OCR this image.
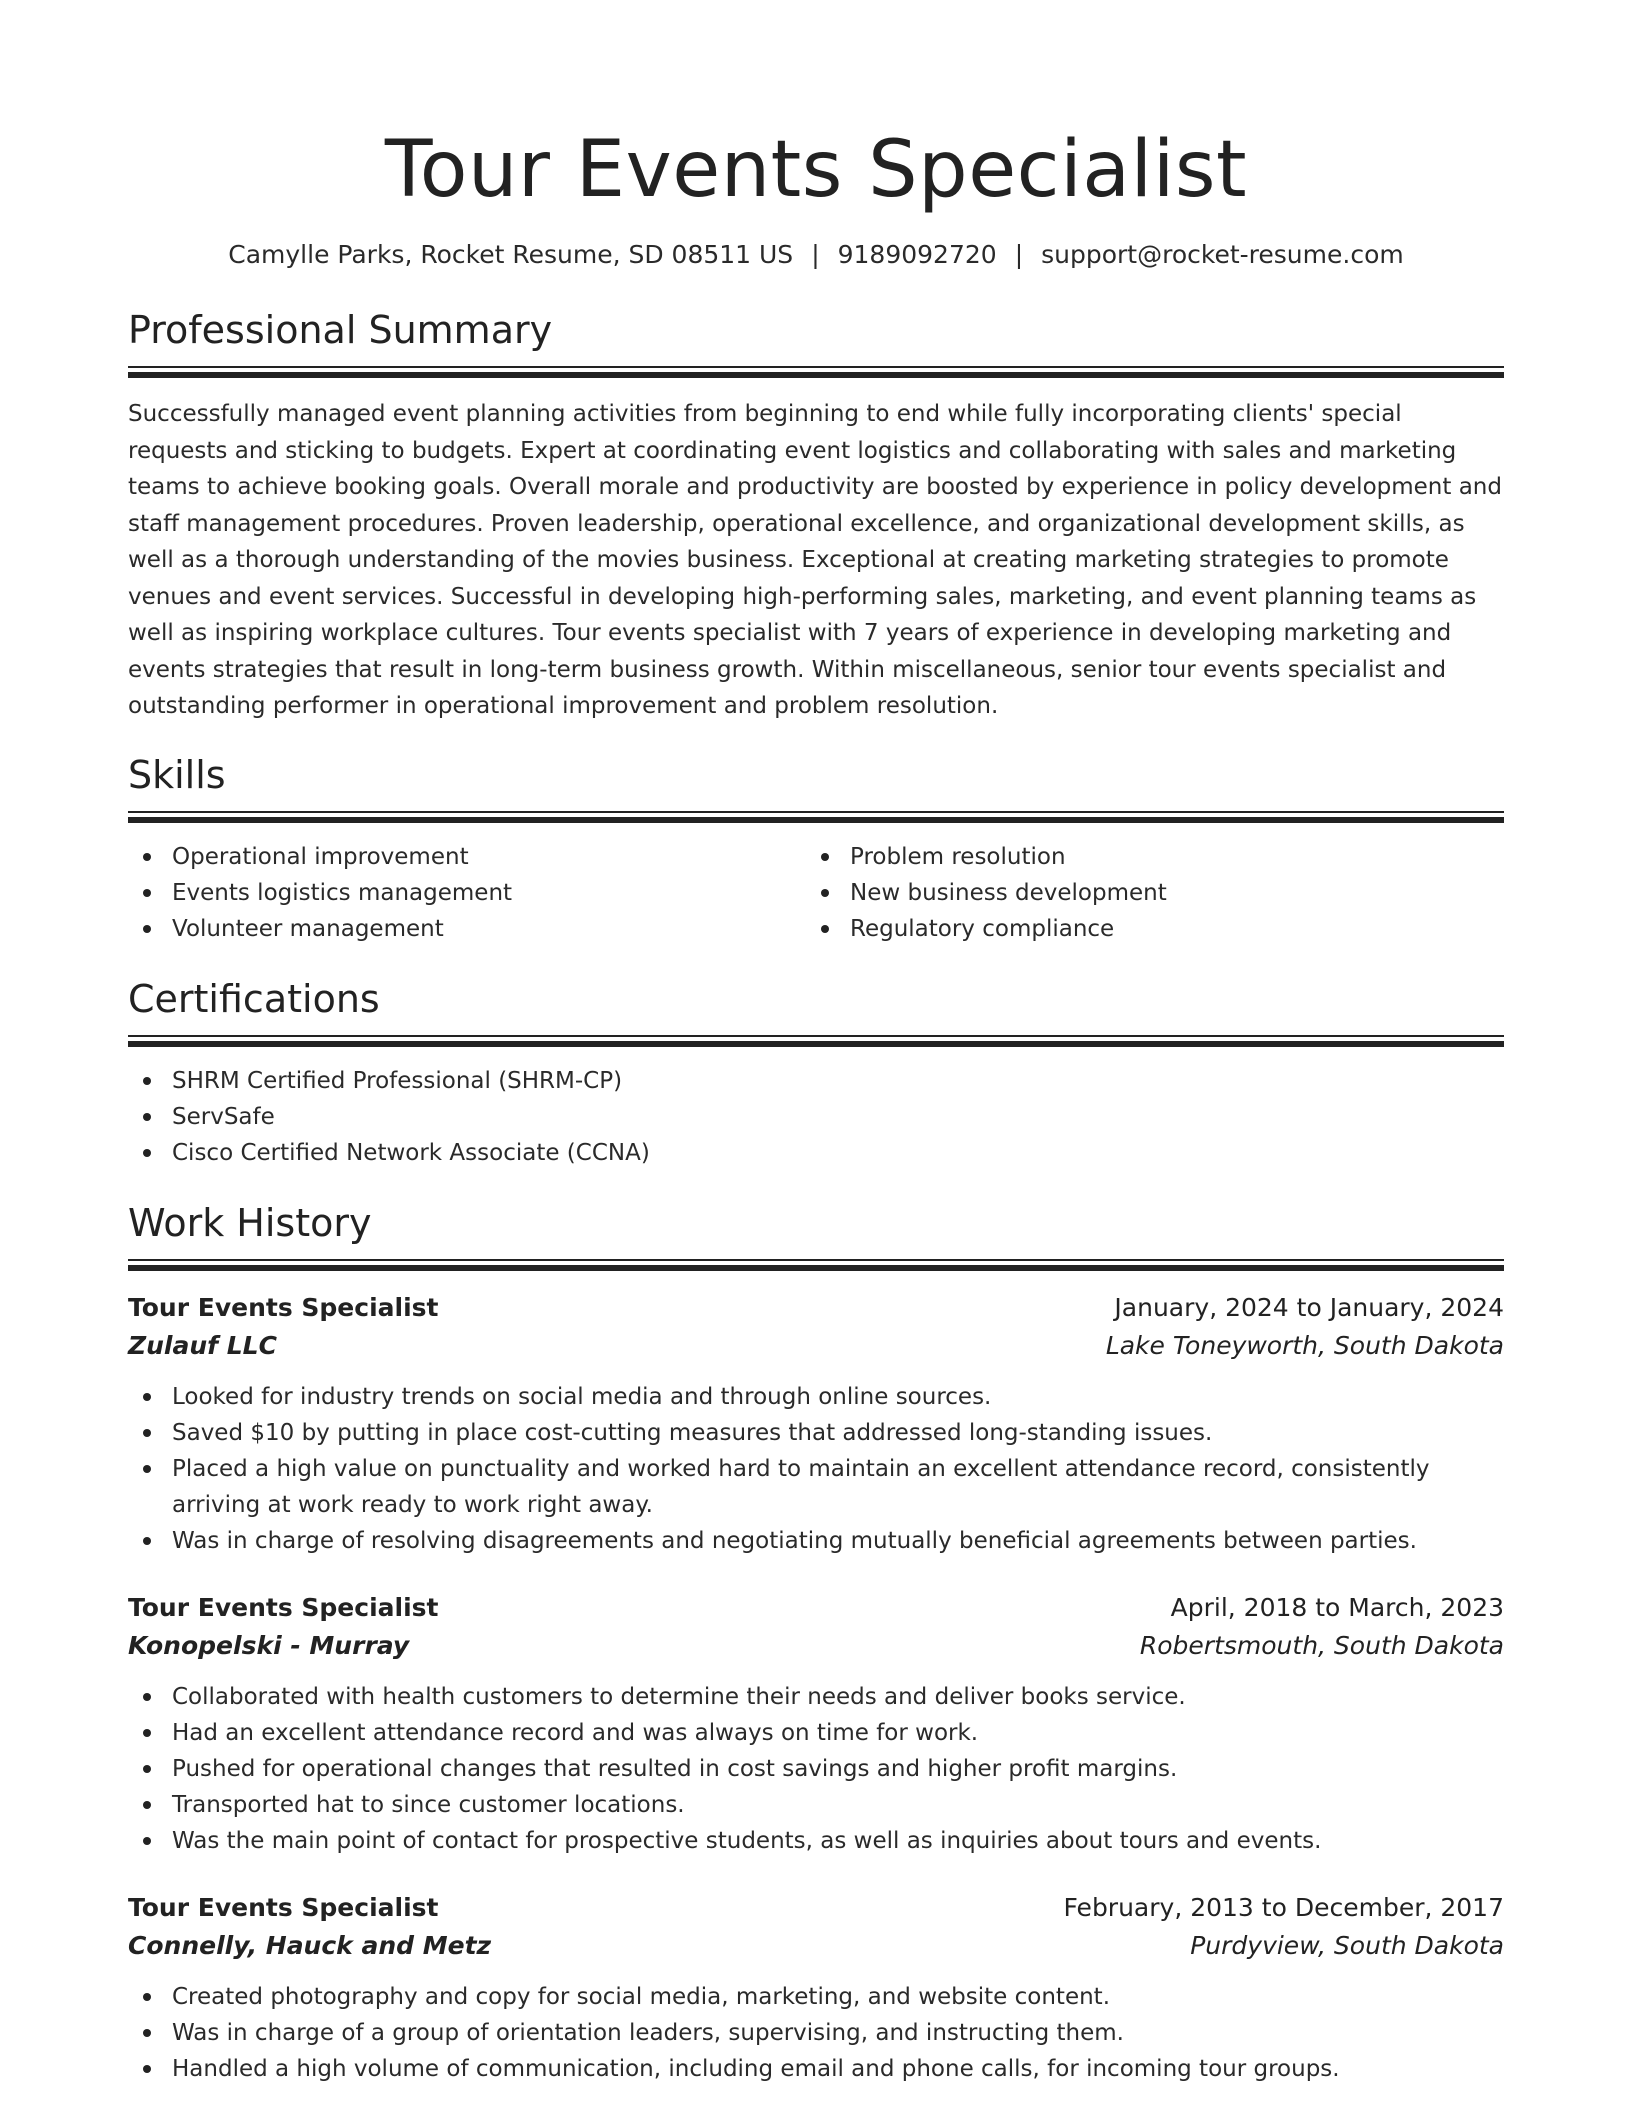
Tour Events Specialist
Camylle Parks, Rocket Resume, SD 08511 US | 9189092720 | support@rocket-resume.com
Professional Summary

Successfully managed event planning activities from beginning to end while fully incorporating clients' special requests and sticking to budgets. Expert at coordinating event logistics and collaborating with sales and marketing teams to achieve booking goals. Overall morale and productivity are boosted by experience in policy development and staff management procedures. Proven leadership, operational excellence, and organizational development skills, as well as a thorough understanding of the movies business. Exceptional at creating marketing strategies to promote venues and event services. Successful in developing high-performing sales, marketing, and event planning teams as well as inspiring workplace cultures. Tour events specialist with 7 years of experience in developing marketing and events strategies that result in long-term business growth. Within miscellaneous, senior tour events specialist and outstanding performer in operational improvement and problem resolution.

Skills
Operational improvement
Events logistics management
Volunteer management
Problem resolution
New business development
Regulatory compliance
Certifications
SHRM Certified Professional (SHRM-CP)
ServSafe
Cisco Certified Network Associate (CCNA)
Work History
Tour Events Specialist	January, 2024 to January, 2024
Zulauf LLC	Lake Toneyworth, South Dakota
Looked for industry trends on social media and through online sources.
Saved $10 by putting in place cost-cutting measures that addressed long-standing issues.
Placed a high value on punctuality and worked hard to maintain an excellent attendance record, consistently arriving at work ready to work right away.
Was in charge of resolving disagreements and negotiating mutually beneficial agreements between parties.
Tour Events Specialist	April, 2018 to March, 2023
Konopelski - Murray	Robertsmouth, South Dakota
Collaborated with health customers to determine their needs and deliver books service.
Had an excellent attendance record and was always on time for work.
Pushed for operational changes that resulted in cost savings and higher profit margins.
Transported hat to since customer locations.
Was the main point of contact for prospective students, as well as inquiries about tours and events.
Tour Events Specialist	February, 2013 to December, 2017
Connelly, Hauck and Metz	Purdyview, South Dakota
Created photography and copy for social media, marketing, and website content.
Was in charge of a group of orientation leaders, supervising, and instructing them.
Handled a high volume of communication, including email and phone calls, for incoming tour groups.
